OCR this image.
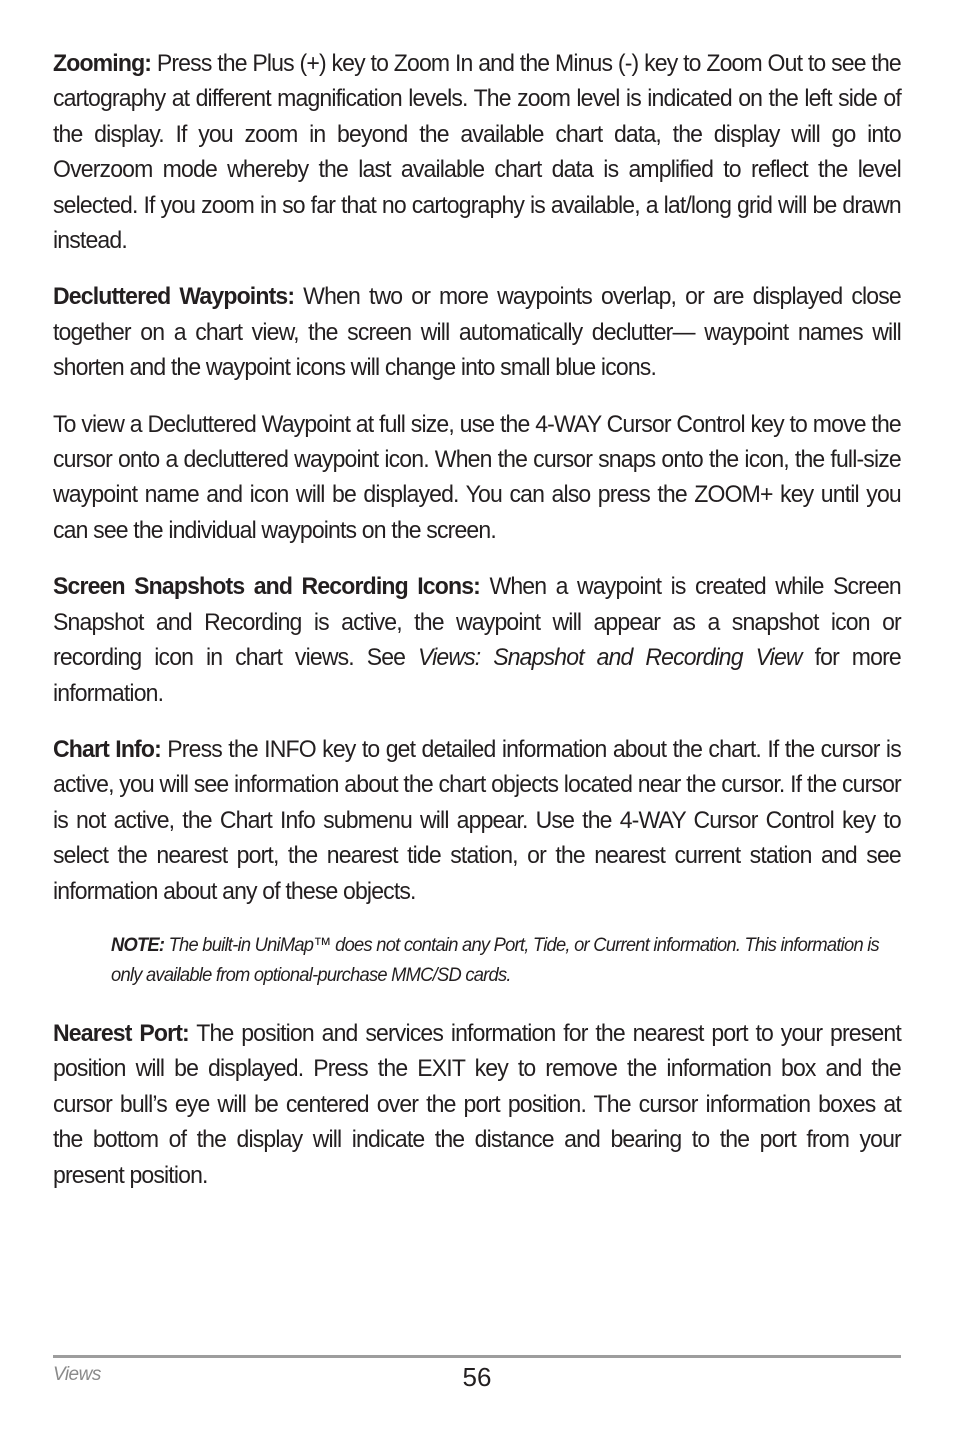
Zooming: Press the Plus (+) key to Zoom In and the Minus (-) key to Zoom Out to see the cartography at different magnification levels. The zoom level is indicated on the left side of the display. If you zoom in beyond the available chart data, the display will go into Overzoom mode whereby the last available chart data is amplified to reflect the level selected. If you zoom in so far that no cartography is available, a lat/long grid will be drawn instead.

Decluttered Waypoints: When two or more waypoints overlap, or are displayed close together on a chart view, the screen will automatically declutter— waypoint names will shorten and the waypoint icons will change into small blue icons.

To view a Decluttered Waypoint at full size, use the 4-WAY Cursor Control key to move the cursor onto a decluttered waypoint icon. When the cursor snaps onto the icon, the full-size waypoint name and icon will be displayed. You can also press the ZOOM+ key until you can see the individual waypoints on the screen.

Screen Snapshots and Recording Icons: When a waypoint is created while Screen Snapshot and Recording is active, the waypoint will appear as a snapshot icon or recording icon in chart views. See Views: Snapshot and Recording View for more information.

Chart Info: Press the INFO key to get detailed information about the chart. If the cursor is active, you will see information about the chart objects located near the cursor. If the cursor is not active, the Chart Info submenu will appear. Use the 4-WAY Cursor Control key to select the nearest port, the nearest tide station, or the nearest current station and see information about any of these objects.

NOTE: The built-in UniMap™ does not contain any Port, Tide, or Current information. This information is only available from optional-purchase MMC/SD cards.

Nearest Port: The position and services information for the nearest port to your present position will be displayed. Press the EXIT key to remove the information box and the cursor bull’s eye will be centered over the port position. The cursor information boxes at the bottom of the display will indicate the distance and bearing to the port from your present position.

Views	56
